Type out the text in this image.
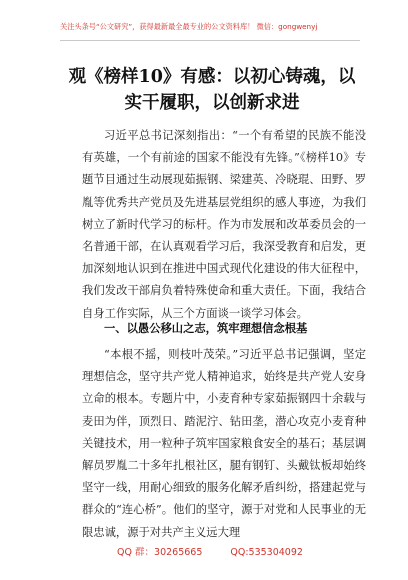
关注头条号“公文研究”，获得最新最全最专业的公文资料库！ 微信：gongwenyj
观《榜样10》有感：以初心铸魂，以实干履职，以创新求进
习近平总书记深刻指出：“一个有希望的民族不能没有英雄，一个有前途的国家不能没有先锋。”《榜样10》专题节目通过生动展现茹振钢、梁建英、冷晓琨、田野、罗胤等优秀共产党员及先进基层党组织的感人事迹，为我们树立了新时代学习的标杆。作为市发展和改革委员会的一名普通干部，在认真观看学习后，我深受教育和启发，更加深刻地认识到在推进中国式现代化建设的伟大征程中，我们发改干部肩负着特殊使命和重大责任。下面，我结合自身工作实际，从三个方面谈一谈学习体会。
一、以愚公移山之志，筑牢理想信念根基
“本根不摇，则枝叶茂荣。”习近平总书记强调，坚定理想信念，坚守共产党人精神追求，始终是共产党人安身立命的根本。专题片中，小麦育种专家茹振钢四十余载与麦田为伴，顶烈日、踏泥泞、钻田垄，潜心攻克小麦育种关键技术，用一粒种子筑牢国家粮食安全的基石；基层调解员罗胤二十多年扎根社区，腿有钢钉、头戴钛板却始终坚守一线，用耐心细致的服务化解矛盾纠纷，搭建起党与群众的“连心桥”。他们的坚守，源于对党和人民事业的无限忠诚，源于对共产主义远大理
QQ 群：30265665	QQ:535304092
